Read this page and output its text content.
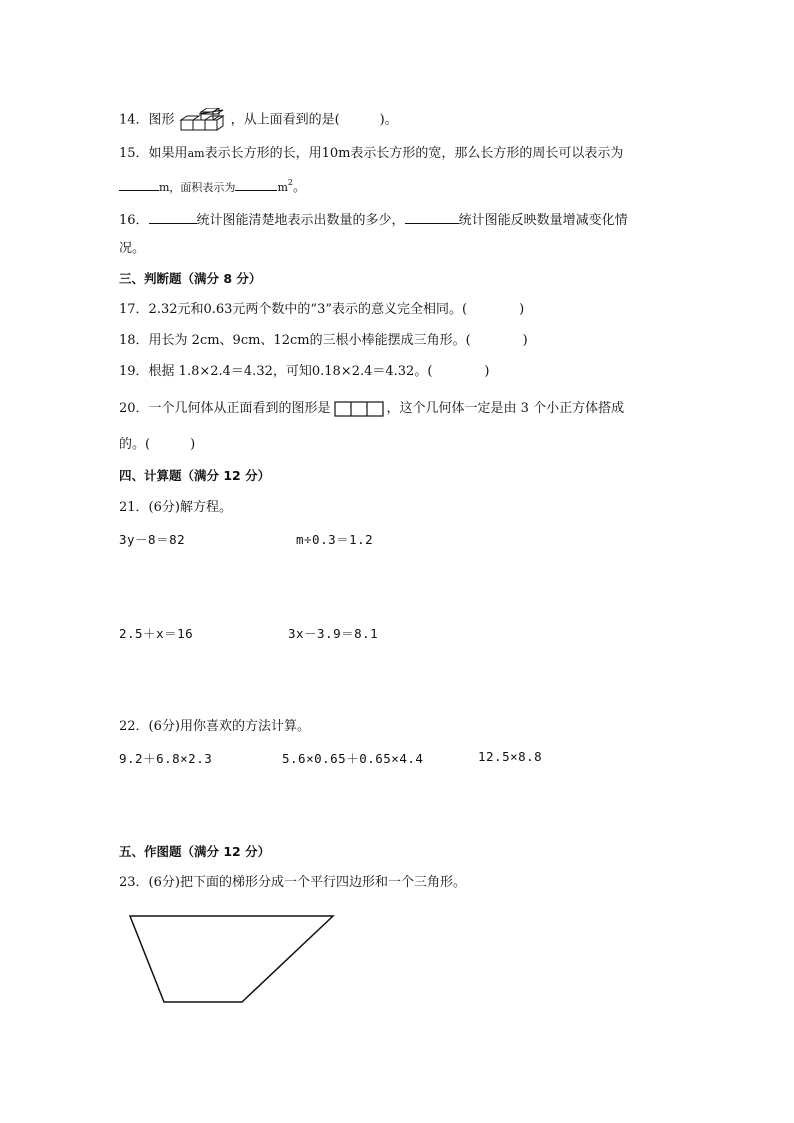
14．图形	，从上面看到的是(	)。
15．如果用am表示长方形的长，用10m表示长方形的宽，那么长方形的周长可以表示为
m，面积表示为	$m^2$。
16．	统计图能清楚地表示出数量的多少，	统计图能反映数量增减变化情
况。
三、判断题（满分 8 分）
17．2.32元和0.63元两个数中的“3”表示的意义完全相同。(	)
18．用长为 2cm、9cm、12cm的三根小棒能摆成三角形。(	)
19．根据 1.8×2.4＝4.32，可知0.18×2.4＝4.32。(	)
20．一个几何体从正面看到的图形是	，这个几何体一定是由 3 个小正方体搭成
的。(	)
四、计算题（满分 12 分）
21．(6分)解方程。
3y－8＝82	m÷0.3＝1.2
2.5＋x＝16	3x－3.9＝8.1
22．(6分)用你喜欢的方法计算。
9.2＋6.8×2.3	5.6×0.65＋0.65×4.4	12.5×8.8
五、作图题（满分 12 分）
23．(6分)把下面的梯形分成一个平行四边形和一个三角形。
